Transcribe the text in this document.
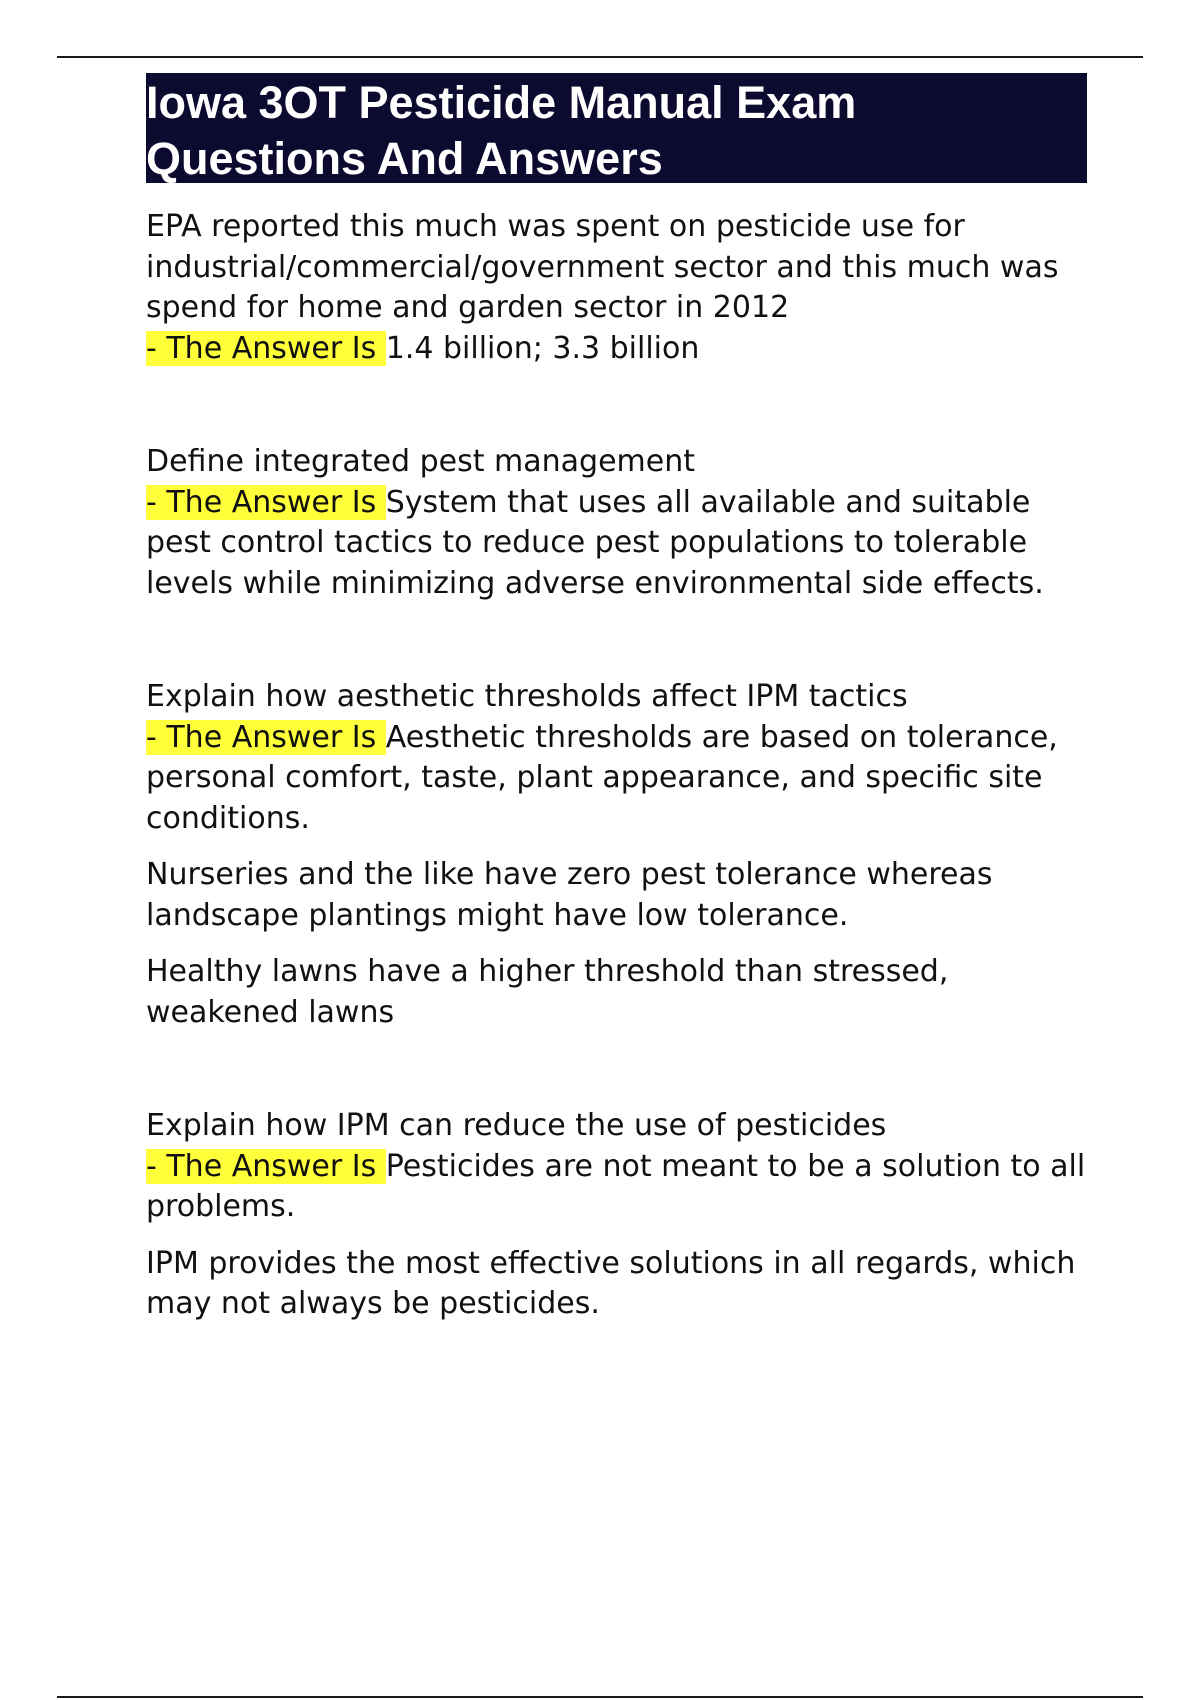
Iowa 3OT Pesticide Manual Exam Questions And Answers

EPA reported this much was spent on pesticide use for industrial/commercial/government sector and this much was spend for home and garden sector in 2012

- The Answer Is 1.4 billion; 3.3 billion

Define integrated pest management

- The Answer Is System that uses all available and suitable pest control tactics to reduce pest populations to tolerable levels while minimizing adverse environmental side effects.

Explain how aesthetic thresholds affect IPM tactics

- The Answer Is Aesthetic thresholds are based on tolerance, personal comfort, taste, plant appearance, and specific site conditions.

Nurseries and the like have zero pest tolerance whereas landscape plantings might have low tolerance.

Healthy lawns have a higher threshold than stressed, weakened lawns

Explain how IPM can reduce the use of pesticides

- The Answer Is Pesticides are not meant to be a solution to all problems.

IPM provides the most effective solutions in all regards, which may not always be pesticides.
